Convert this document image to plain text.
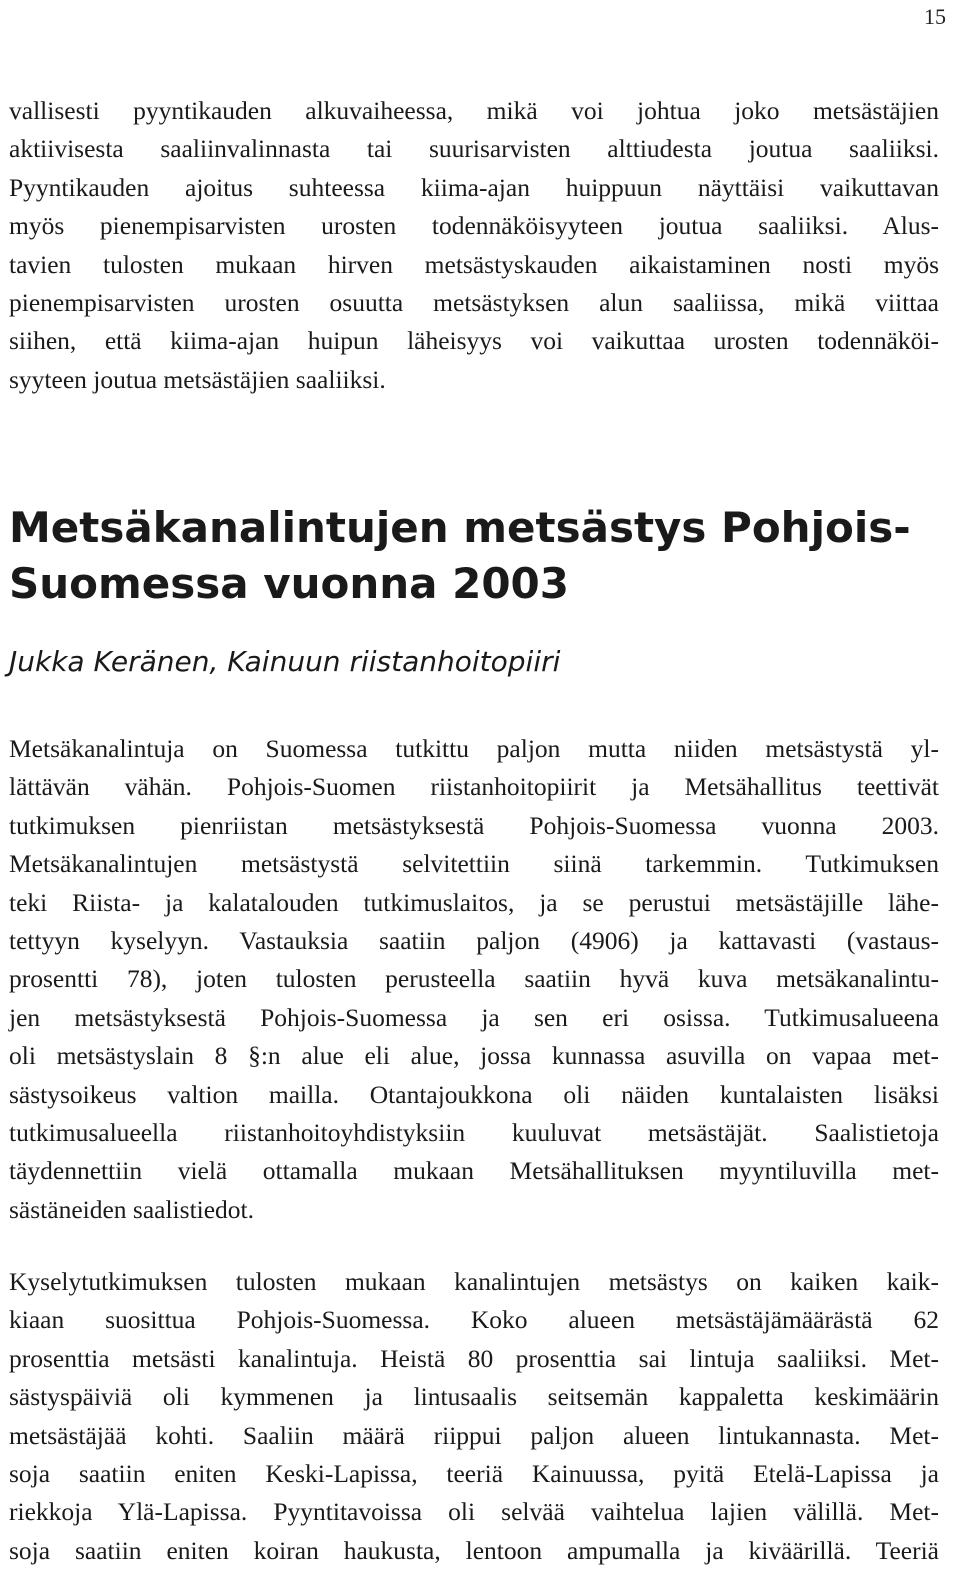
15
vallisesti pyyntikauden alkuvaiheessa, mikä voi johtua joko metsästäjien
aktiivisesta saaliinvalinnasta tai suurisarvisten alttiudesta joutua saaliiksi.
Pyyntikauden ajoitus suhteessa kiima-ajan huippuun näyttäisi vaikuttavan
myös pienempisarvisten urosten todennäköisyyteen joutua saaliiksi. Alus-
tavien tulosten mukaan hirven metsästyskauden aikaistaminen nosti myös
pienempisarvisten urosten osuutta metsästyksen alun saaliissa, mikä viittaa
siihen, että kiima-ajan huipun läheisyys voi vaikuttaa urosten todennäköi-
syyteen joutua metsästäjien saaliiksi.
Metsäkanalintujen metsästys Pohjois-
Suomessa vuonna 2003

Jukka Keränen, Kainuun riistanhoitopiiri

Metsäkanalintuja on Suomessa tutkittu paljon mutta niiden metsästystä yl-
lättävän vähän. Pohjois-Suomen riistanhoitopiirit ja Metsähallitus teettivät
tutkimuksen pienriistan metsästyksestä Pohjois-Suomessa vuonna 2003.
Metsäkanalintujen metsästystä selvitettiin siinä tarkemmin. Tutkimuksen
teki Riista- ja kalatalouden tutkimuslaitos, ja se perustui metsästäjille lähe-
tettyyn kyselyyn. Vastauksia saatiin paljon (4906) ja kattavasti (vastaus-
prosentti 78), joten tulosten perusteella saatiin hyvä kuva metsäkanalintu-
jen metsästyksestä Pohjois-Suomessa ja sen eri osissa. Tutkimusalueena
oli metsästyslain 8 §:n alue eli alue, jossa kunnassa asuvilla on vapaa met-
sästysoikeus valtion mailla. Otantajoukkona oli näiden kuntalaisten lisäksi
tutkimusalueella riistanhoitoyhdistyksiin kuuluvat metsästäjät. Saalistietoja
täydennettiin vielä ottamalla mukaan Metsähallituksen myyntiluvilla met-
sästäneiden saalistiedot.
Kyselytutkimuksen tulosten mukaan kanalintujen metsästys on kaiken kaik-
kiaan suosittua Pohjois-Suomessa. Koko alueen metsästäjämäärästä 62
prosenttia metsästi kanalintuja. Heistä 80 prosenttia sai lintuja saaliiksi. Met-
sästyspäiviä oli kymmenen ja lintusaalis seitsemän kappaletta keskimäärin
metsästäjää kohti. Saaliin määrä riippui paljon alueen lintukannasta. Met-
soja saatiin eniten Keski-Lapissa, teeriä Kainuussa, pyitä Etelä-Lapissa ja
riekkoja Ylä-Lapissa. Pyyntitavoissa oli selvää vaihtelua lajien välillä. Met-
soja saatiin eniten koiran haukusta, lentoon ampumalla ja kiväärillä. Teeriä
